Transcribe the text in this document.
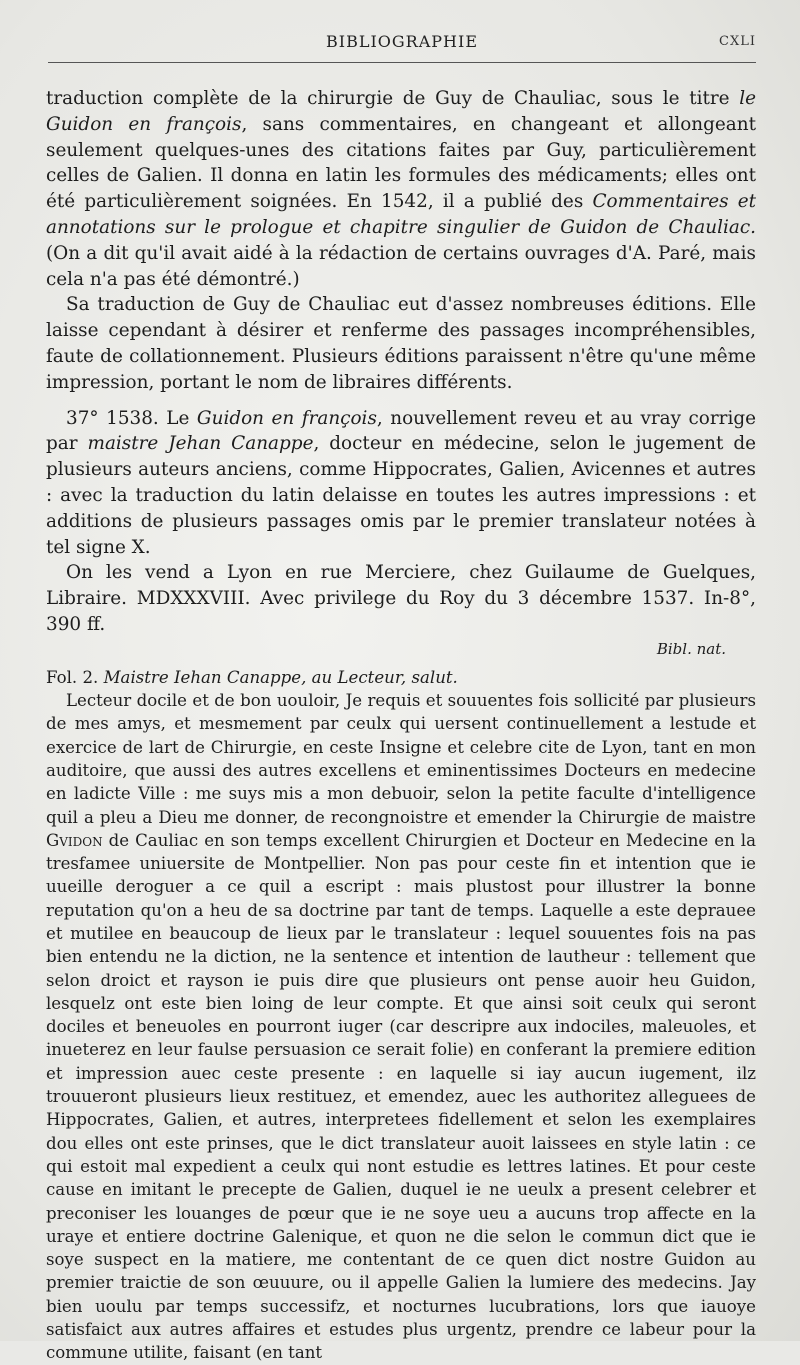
BIBLIOGRAPHIE	CXLI

traduction complète de la chirurgie de Guy de Chauliac, sous le titre le Guidon en françois, sans commentaires, en changeant et allongeant seulement quelques-unes des citations faites par Guy, particulièrement celles de Galien. Il donna en latin les formules des médicaments; elles ont été particulièrement soignées. En 1542, il a publié des Commentaires et annotations sur le prologue et chapitre singulier de Guidon de Chauliac. (On a dit qu'il avait aidé à la rédaction de certains ouvrages d'A. Paré, mais cela n'a pas été démontré.)

Sa traduction de Guy de Chauliac eut d'assez nombreuses éditions. Elle laisse cependant à désirer et renferme des passages incompréhensibles, faute de collationnement. Plusieurs éditions paraissent n'être qu'une même impression, portant le nom de libraires différents.

37° 1538. Le Guidon en françois, nouvellement reveu et au vray corrige par maistre Jehan Canappe, docteur en médecine, selon le jugement de plusieurs auteurs anciens, comme Hippocrates, Galien, Avicennes et autres : avec la traduction du latin delaisse en toutes les autres impressions : et additions de plusieurs passages omis par le premier translateur notées à tel signe X.

On les vend a Lyon en rue Merciere, chez Guilaume de Guelques, Libraire. MDXXXVIII. Avec privilege du Roy du 3 décembre 1537. In-8°, 390 ff.

Bibl. nat.

Fol. 2. Maistre Iehan Canappe, au Lecteur, salut.

Lecteur docile et de bon uouloir, Je requis et souuentes fois sollicité par plusieurs de mes amys, et mesmement par ceulx qui uersent continuellement a lestude et exercice de lart de Chirurgie, en ceste Insigne et celebre cite de Lyon, tant en mon auditoire, que aussi des autres excellens et eminentissimes Docteurs en medecine en ladicte Ville : me suys mis a mon debuoir, selon la petite faculte d'intelligence quil a pleu a Dieu me donner, de recongnoistre et emender la Chirurgie de maistre Gvidon de Cauliac en son temps excellent Chirurgien et Docteur en Medecine en la tresfamee uniuersite de Montpellier. Non pas pour ceste fin et intention que ie uueille deroguer a ce quil a escript : mais plustost pour illustrer la bonne reputation qu'on a heu de sa doctrine par tant de temps. Laquelle a este deprauee et mutilee en beaucoup de lieux par le translateur : lequel souuentes fois na pas bien entendu ne la diction, ne la sentence et intention de lautheur : tellement que selon droict et rayson ie puis dire que plusieurs ont pense auoir heu Guidon, lesquelz ont este bien loing de leur compte. Et que ainsi soit ceulx qui seront dociles et beneuoles en pourront iuger (car descripre aux indociles, maleuoles, et inueterez en leur faulse persuasion ce serait folie) en conferant la premiere edition et impression auec ceste presente : en laquelle si iay aucun iugement, ilz trouueront plusieurs lieux restituez, et emendez, auec les authoritez alleguees de Hippocrates, Galien, et autres, interpretees fidellement et selon les exemplaires dou elles ont este prinses, que le dict translateur auoit laissees en style latin : ce qui estoit mal expedient a ceulx qui nont estudie es lettres latines. Et pour ceste cause en imitant le precepte de Galien, duquel ie ne ueulx a present celebrer et preconiser les louanges de pœur que ie ne soye ueu a aucuns trop affecte en la uraye et entiere doctrine Galenique, et quon ne die selon le commun dict que ie soye suspect en la matiere, me contentant de ce quen dict nostre Guidon au premier traictie de son œuuure, ou il appelle Galien la lumiere des medecins. Jay bien uoulu par temps successifz, et nocturnes lucubrations, lors que iauoye satisfaict aux autres affaires et estudes plus urgentz, prendre ce labeur pour la commune utilite, faisant (en tant
